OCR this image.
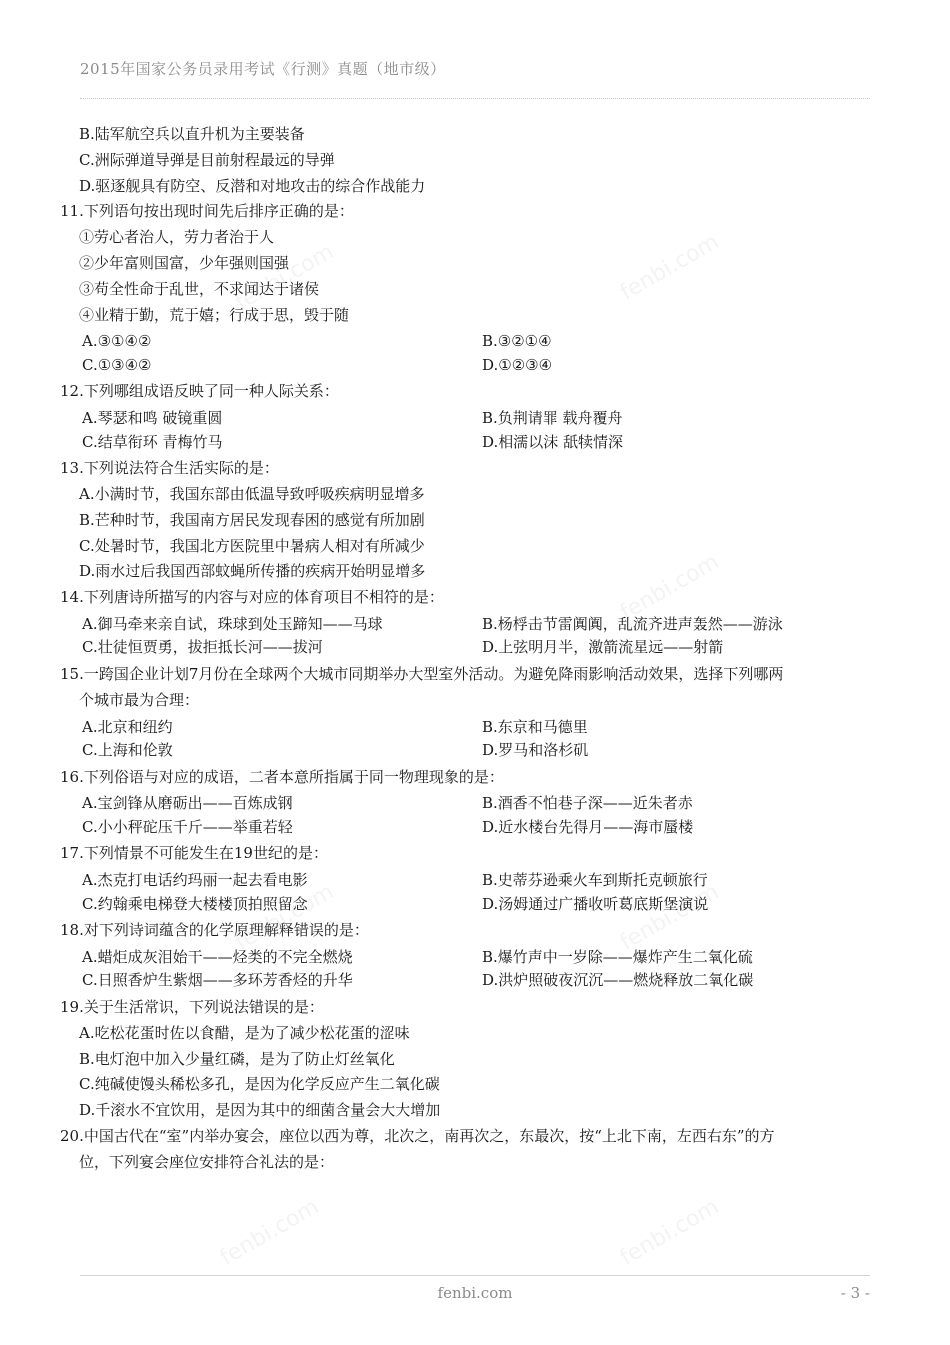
2015年国家公务员录用考试《行测》真题（地市级）
B.陆军航空兵以直升机为主要装备
C.洲际弹道导弹是目前射程最远的导弹
D.驱逐舰具有防空、反潜和对地攻击的综合作战能力
11.下列语句按出现时间先后排序正确的是：
①劳心者治人，劳力者治于人
②少年富则国富，少年强则国强
③苟全性命于乱世，不求闻达于诸侯
④业精于勤，荒于嬉；行成于思，毁于随
A.③①④②	B.③②①④
C.①③④②	D.①②③④
12.下列哪组成语反映了同一种人际关系：
A.琴瑟和鸣 破镜重圆	B.负荆请罪 载舟覆舟
C.结草衔环 青梅竹马	D.相濡以沫 舐犊情深
13.下列说法符合生活实际的是：
A.小满时节，我国东部由低温导致呼吸疾病明显增多
B.芒种时节，我国南方居民发现春困的感觉有所加剧
C.处暑时节，我国北方医院里中暑病人相对有所减少
D.雨水过后我国西部蚊蝇所传播的疾病开始明显增多
14.下列唐诗所描写的内容与对应的体育项目不相符的是：
A.御马牵来亲自试，珠球到处玉蹄知——马球	B.杨桴击节雷阗阗，乱流齐进声轰然——游泳
C.壮徒恒贾勇，拔拒抵长河——拔河	D.上弦明月半，激箭流星远——射箭
15.一跨国企业计划7月份在全球两个大城市同期举办大型室外活动。为避免降雨影响活动效果，选择下列哪两
个城市最为合理：
A.北京和纽约	B.东京和马德里
C.上海和伦敦	D.罗马和洛杉矶
16.下列俗语与对应的成语，二者本意所指属于同一物理现象的是：
A.宝剑锋从磨砺出——百炼成钢	B.酒香不怕巷子深——近朱者赤
C.小小秤砣压千斤——举重若轻	D.近水楼台先得月——海市蜃楼
17.下列情景不可能发生在19世纪的是：
A.杰克打电话约玛丽一起去看电影	B.史蒂芬逊乘火车到斯托克顿旅行
C.约翰乘电梯登大楼楼顶拍照留念	D.汤姆通过广播收听葛底斯堡演说
18.对下列诗词蕴含的化学原理解释错误的是：
A.蜡炬成灰泪始干——烃类的不完全燃烧	B.爆竹声中一岁除——爆炸产生二氧化硫
C.日照香炉生紫烟——多环芳香烃的升华	D.洪炉照破夜沉沉——燃烧释放二氧化碳
19.关于生活常识，下列说法错误的是：
A.吃松花蛋时佐以食醋，是为了减少松花蛋的涩味
B.电灯泡中加入少量红磷，是为了防止灯丝氧化
C.纯碱使馒头稀松多孔，是因为化学反应产生二氧化碳
D.千滚水不宜饮用，是因为其中的细菌含量会大大增加
20.中国古代在“室”内举办宴会，座位以西为尊，北次之，南再次之，东最次，按“上北下南，左西右东”的方
位，下列宴会座位安排符合礼法的是：
fenbi.com	- 3 -
